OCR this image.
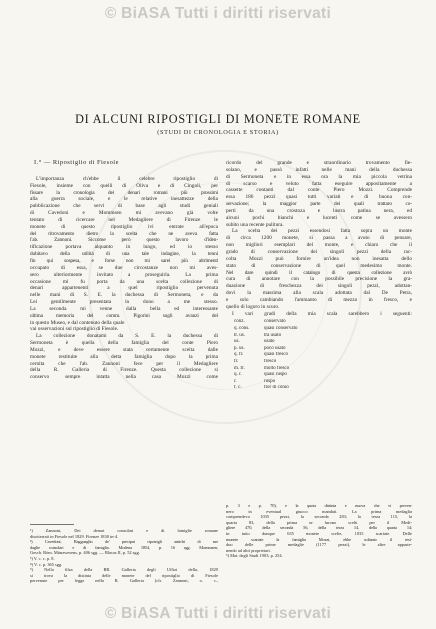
© BiASA Tutti i diritti riservati
DI ALCUNI RIPOSTIGLI DI MONETE ROMANE
(STUDI DI CRONOLOGIA E STORIA)
I.° — Ripostiglio di Fiesole
L'importanza ch'ebbe il celebre ripostiglio di
Fiesole, insieme con quelli di Oliva e di Cingoli, per
fissare la cronologia dei denari romani più prossimi
alla guerra sociale, e le relative inesattezze della
pubblicazione che servi di base agli studi geniali
di Cavedoni e Mommsen mi avevano già volte
tentato di ricercare nel Medagliere di Firenze le
monete di questo ripostiglio ivi entrate all'epoca
del ritrovamento dietro la scelta che ne aveva fatta
l'ab. Zannoni. Siccome però questo lavoro d'iden-
tificazione portava alquanto in lungo, ed io stesso
dubitavo della utilità di una tale indagine, la tenni
fin qui sospesa, e forse non mi sarei più altrimenti
occupato di essa, se due circostanze non mi aves-
sero ulteriormente invitato a proseguirla. La prima
occasione mi fu porta da una scelta collezione di
denari appartenenti a quel ripostiglio pervenuta
nelle mani di S. E. la duchessa di Sermoneta, e da
Lei gentilmente presentata in dono a me stesso.
La seconda mi venne dalla bella ed interessante
ultima memoria del comm. Pigorini sugli avanzi del
in questo Museo, e dal contenuto della quale
vai osservazioni sul ripostiglio di Fiesole.
La collezione donatami da S. E. la duchessa di
Sermoneta è quella della famiglia del conte Piero
Mozzi, e deve essere stata certamente scelta dalle
monete restituite alla detta famiglia dopo la prima
cernita che l'ab. Zannoni fece per il Medagliere
della R. Galleria di Firenze. Questa collezione si
conservo sempre intatta nella casa Mozzi come
ricordo del grande e straordinario trovamento fie-
solano, e passò infatti nelle mani della duchessa
di Sermoneta e in essa ora la mia piccola vetrina
di scarso e veluto fatta eseguire appositamente a
cassette contanti dal conte Piero Mozzi. Comprende
essa 186 pezzi quasi tutti variati e di buona con-
servazione; la maggior parte dei quali trattaro co-
perti da una crostoza e lustra patina nera, ed
alcuni pochi bianchi e lucenti come se avessero
subito una recente pulitura.
La scelta dei pezzi essendosi fatta sopra un monte
di circa 1200 monete, si passa a avuto di pensare,
non migliori esemplari del monte, e chiaro che il
grado di conservazione dei singoli pezzi della rac-
colta Mozzi può fornire un'idea non inesatta dello
stato di conservazione di quel medesimo monte.
Nel dare quindi il catalogo di questa collezione avrò
cura di annotare con la possibile precisione la gra-
duazione di freschezza dei singoli pezzi, adottan-
dovi la massima alla scala adottata dal De Petra,
e solo cambiando l'ammanto di mezzo in fresco, e
quello di logoro in scuro.
I vari gradi della mia scala sarebbero i seguenti:
conz.	conservato
q. cons.	quasi conservato
tr. us.	trà usato
us.	usato
p. us.	poco usato
q. fr.	quasi fresco
fr.	fresco
m. fr.	molto fresco
q. r.	quasi ruspo
r.	ruspo
f. c.	fior di conio
¹) Zannoni, Dei denari consolari e di famiglie romane
disotterrati in Fiesole nel 1829. Firenze 1830 in-4.
²) Cavedoni, Ragguaglio de' precipui ripostigli antichi di me
daglie consolari e di famiglia. Modena 1854, p. 16 sgg. Mommsen,
Gesch. Röm. Münzwesens, p. 406 sgg. — Blacas II, p. 52 sgg.
³) V. c. c. p. 8.
⁴) V. c. p. 365 sgg.
⁵) Nella filza della RR. Galleria degli Uffizi della, 1829
si trova la distinta delle monete del ripostiglio di Fiesole
pervenute per legge nella R. Galleria (cfr. Zannoni, o. c.,
p. 3 e p. 70), e la quota distinta e nuova che vi perven-
nero in eventual giuoco mandati. La prima medaglia
comprendeva 1035 pezzi, la seconda 283; la terza 115, la
quarta 83, della prima se furono scelti per il Medi-
gliere 470, della seconda 56, della terza 14, della quarta 14;
in tutto dunque 635 monete scelte, 1035 scartate. Delle
monete scartate la famiglia Mozzi, ebbe soltanto il resi-
duo delle prime medaglie (1177 pezzi), le altre apparte-
nendo ad altri proprietari.
⁶) Mat. degli Studi 1903, p. 254.
© BiASA Tutti i diritti riservati
